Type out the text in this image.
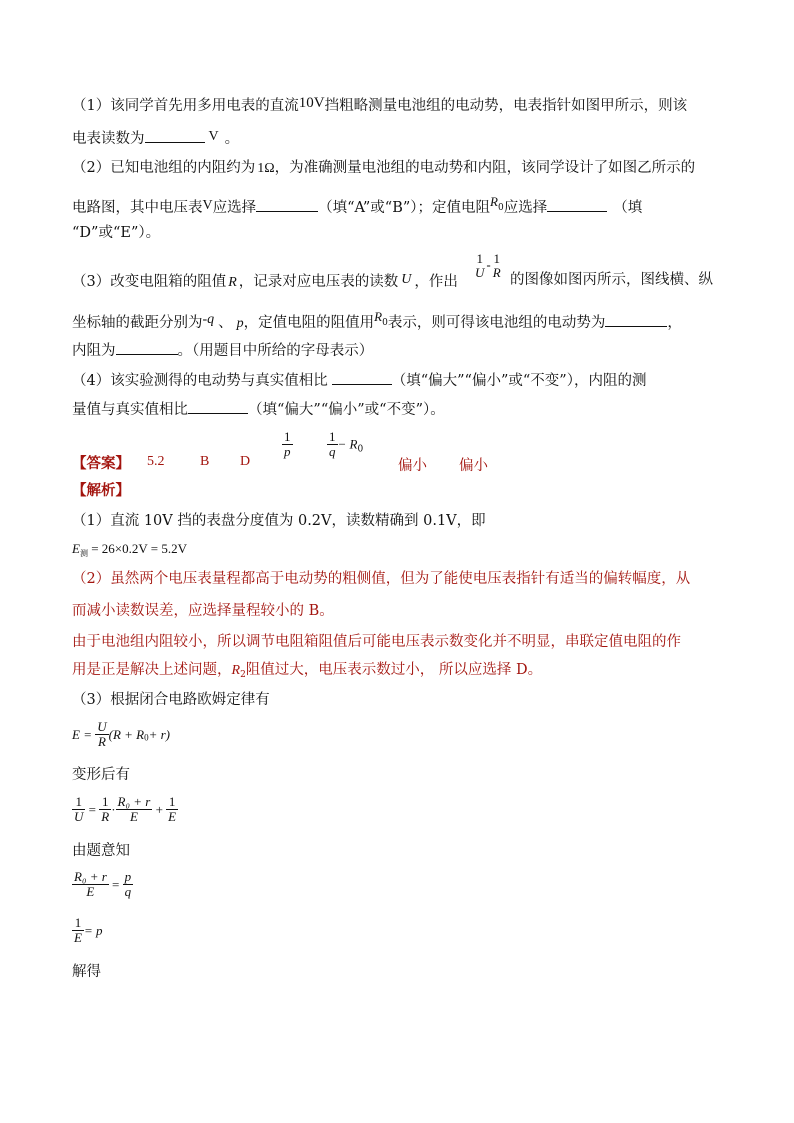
（1）该同学首先用多用电表的直流10V挡粗略测量电池组的电动势，电表指针如图甲所示，则该
电表读数为	V 。
（2）已知电池组的内阻约为 1Ω，为准确测量电池组的电动势和内阻，该同学设计了如图乙所示的
电路图，其中电压表V应选择	（填“A”或“B”）；定值电阻$R^0$应选择	（填
“D”或“E”）。
（3）改变电阻箱的阻值 R ，记录对应电压表的读数 U ，作出
1
U - 1
R 的图像如图丙所示，图线横、纵
坐标轴的截距分别为-q 、 p，定值电阻的阻值用$R^0$表示，则可得该电池组的电动势为	，
内阻为	。（用题目中所给的字母表示）
（4）该实验测得的电动势与真实值相比	（填“偏大”“偏小”或“不变”），内阻的测
量值与真实值相比	（填“偏大”“偏小”或“不变”）。
【答案】 5.2	B D
$\frac{1}{p}$	$\frac{1}{q} - R_0$
偏小 偏小
【解析】
（1）直流 10V 挡的表盘分度值为 0.2V，读数精确到 0.1V，即
$E_测 = 26\times 0.2V = 5.2V$
（2）虽然两个电压表量程都高于电动势的粗侧值，但为了能使电压表指针有适当的偏转幅度，从
而减小读数误差，应选择量程较小的 B。
由于电池组内阻较小，所以调节电阻箱阻值后可能电压表示数变化并不明显，串联定值电阻的作
用是正是解决上述问题，$R_2$阻值过大，电压表示数过小， 所以应选择 D。
（3）根据闭合电路欧姆定律有
$E = \frac{U}{R} (R + R_0+ r)$
变形后有
$\frac{1}{U} = \frac{1}{R} \cdot \frac{\text{R₀ + r}}{E} + \frac{1}{E}$
由题意知
$\frac{\text{R₀ + r}}{E} = \frac{p}{q}$
$\frac{1}{E} = p$
解得
